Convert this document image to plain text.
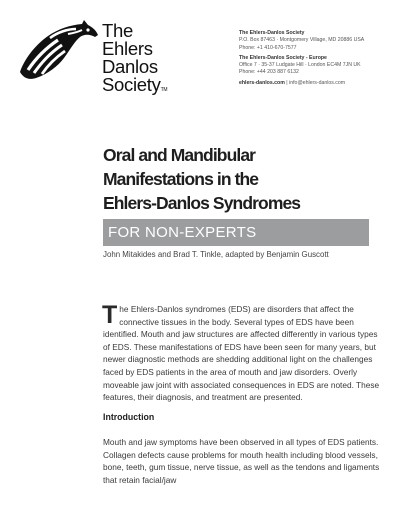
The
Ehlers
Danlos
SocietyTM
The Ehlers-Danlos Society
P.O. Box 87463 · Montgomery Village, MD 20886 USA
Phone: +1 410-670-7577
The Ehlers-Danlos Society - Europe
Office 7 · 35-37 Ludgate Hill · London EC4M 7JN UK
Phone: +44 203 887 6132
ehlers-danlos.com | info@ehlers-danlos.com
Oral and Mandibular
Manifestations in the
Ehlers-Danlos Syndromes
FOR NON-EXPERTS
John Mitakides and Brad T. Tinkle, adapted by Benjamin Guscott

The Ehlers-Danlos syndromes (EDS) are disorders that affect the connective tissues in the body. Several types of EDS have been identified. Mouth and jaw structures are affected differently in various types of EDS. These manifestations of EDS have been seen for many years, but newer diagnostic methods are shedding additional light on the challenges faced by EDS patients in the area of mouth and jaw disorders. Overly moveable jaw joint with associated consequences in EDS are noted. These features, their diagnosis, and treatment are presented.

Introduction

Mouth and jaw symptoms have been observed in all types of EDS patients. Collagen defects cause problems for mouth health including blood vessels, bone, teeth, gum tissue, nerve tissue, as well as the tendons and ligaments that retain facial/jaw
